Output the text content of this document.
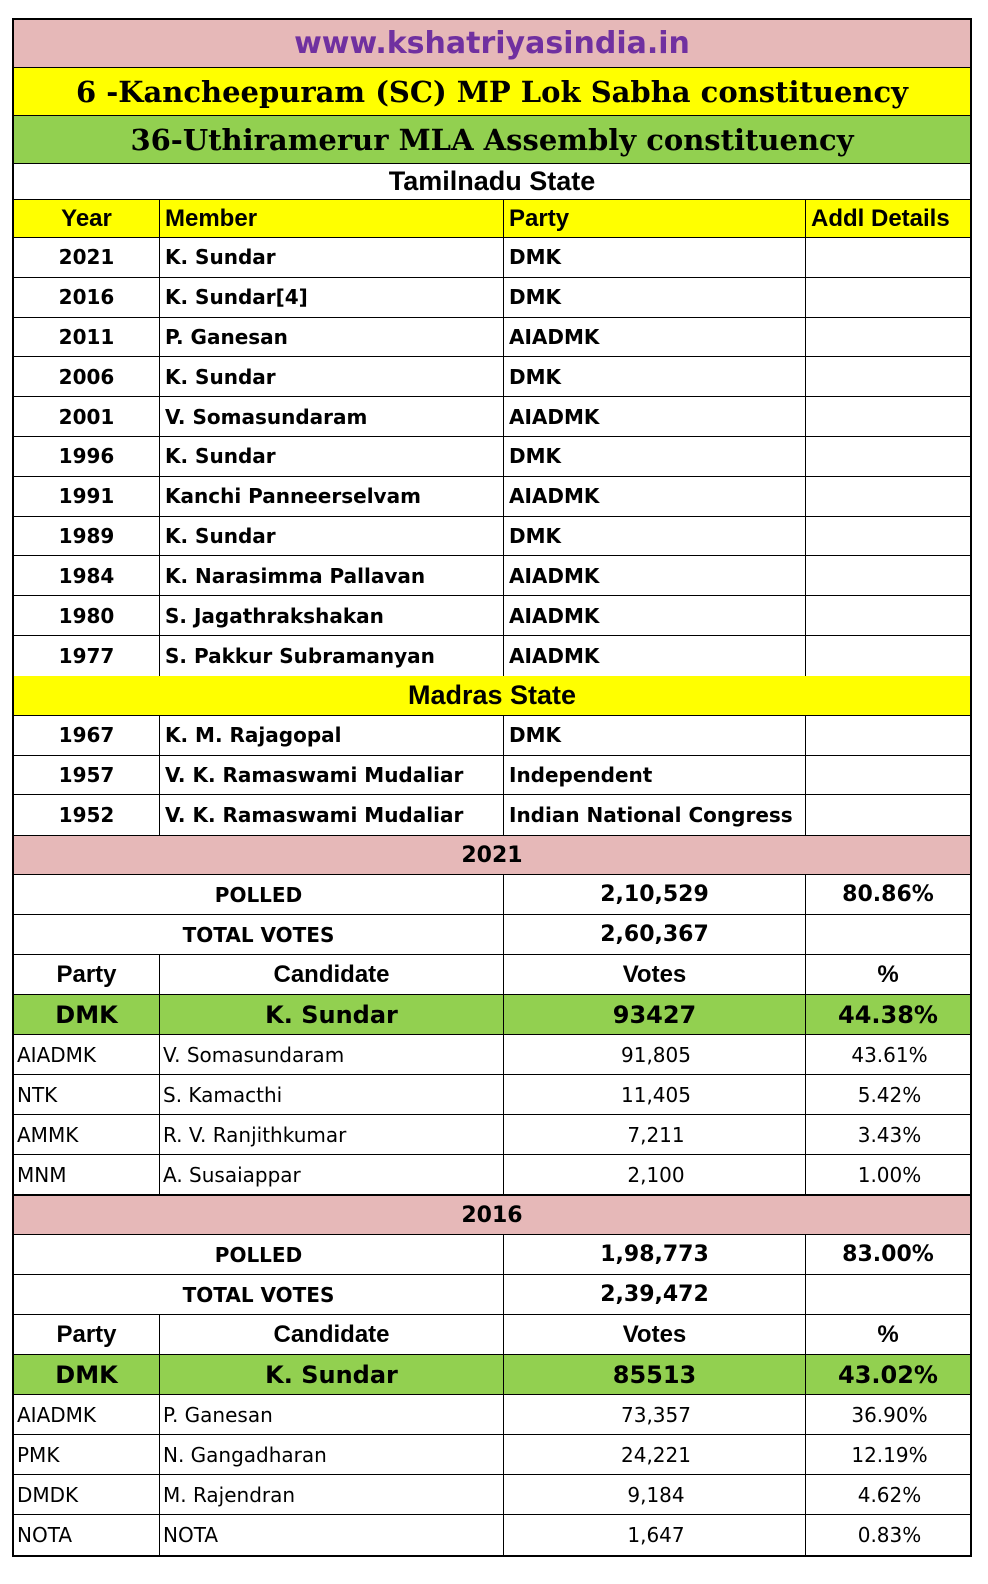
www.kshatriyasindia.in
6 -Kancheepuram (SC) MP Lok Sabha constituency
36-Uthiramerur MLA Assembly constituency
Tamilnadu State
Year	Member	Party	Addl Details
2021	K. Sundar	DMK
2016	K. Sundar[4]	DMK
2011	P. Ganesan	AIADMK
2006	K. Sundar	DMK
2001	V. Somasundaram	AIADMK
1996	K. Sundar	DMK
1991	Kanchi Panneerselvam	AIADMK
1989	K. Sundar	DMK
1984	K. Narasimma Pallavan	AIADMK
1980	S. Jagathrakshakan	AIADMK
1977	S. Pakkur Subramanyan	AIADMK
Madras State
1967	K. M. Rajagopal	DMK
1957	V. K. Ramaswami Mudaliar	Independent
1952	V. K. Ramaswami Mudaliar	Indian National Congress
2021
POLLED	2,10,529	80.86%
TOTAL VOTES	2,60,367
Party	Candidate	Votes	%
DMK	K. Sundar	93427	44.38%
AIADMK	V. Somasundaram	91,805	43.61%
NTK	S. Kamacthi	11,405	5.42%
AMMK	R. V. Ranjithkumar	7,211	3.43%
MNM	A. Susaiappar	2,100	1.00%
2016
POLLED	1,98,773	83.00%
TOTAL VOTES	2,39,472
Party	Candidate	Votes	%
DMK	K. Sundar	85513	43.02%
AIADMK	P. Ganesan	73,357	36.90%
PMK	N. Gangadharan	24,221	12.19%
DMDK	M. Rajendran	9,184	4.62%
NOTA	NOTA	1,647	0.83%
